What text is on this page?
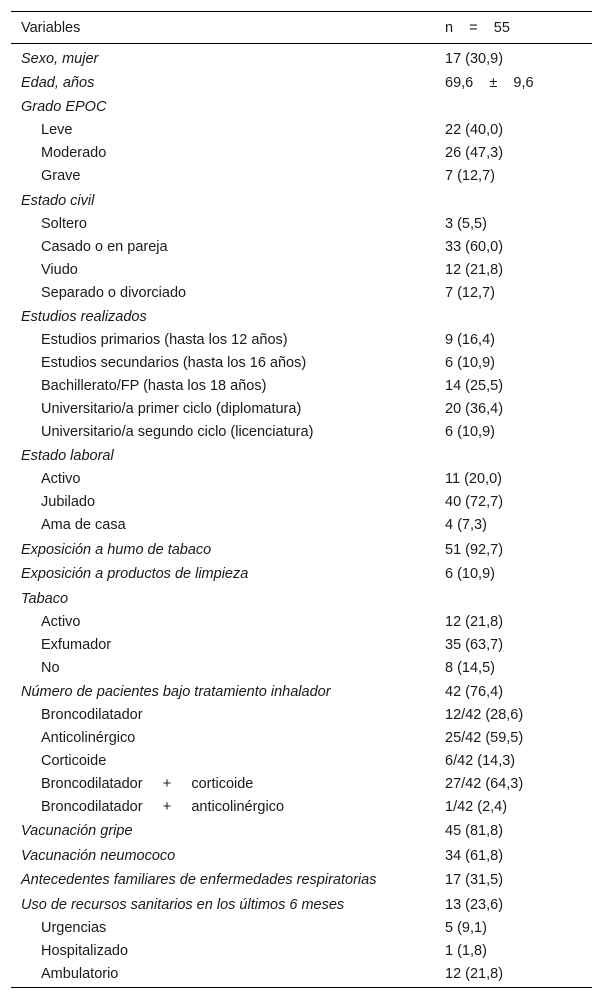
Variables	n    =    55
Sexo, mujer	17 (30,9)
Edad, años	69,6    ±    9,6
Grado EPOC
Leve	22 (40,0)
Moderado	26 (47,3)
Grave	7 (12,7)
Estado civil
Soltero	3 (5,5)
Casado o en pareja	33 (60,0)
Viudo	12 (21,8)
Separado o divorciado	7 (12,7)
Estudios realizados
Estudios primarios (hasta los 12 años)	9 (16,4)
Estudios secundarios (hasta los 16 años)	6 (10,9)
Bachillerato/FP (hasta los 18 años)	14 (25,5)
Universitario/a primer ciclo (diplomatura)	20 (36,4)
Universitario/a segundo ciclo (licenciatura)	6 (10,9)
Estado laboral
Activo	11 (20,0)
Jubilado	40 (72,7)
Ama de casa	4 (7,3)
Exposición a humo de tabaco	51 (92,7)
Exposición a productos de limpieza	6 (10,9)
Tabaco
Activo	12 (21,8)
Exfumador	35 (63,7)
No	8 (14,5)
Número de pacientes bajo tratamiento inhalador	42 (76,4)
Broncodilatador	12/42 (28,6)
Anticolinérgico	25/42 (59,5)
Corticoide	6/42 (14,3)
Broncodilatador     +     corticoide	27/42 (64,3)
Broncodilatador     +     anticolinérgico	1/42 (2,4)
Vacunación gripe	45 (81,8)
Vacunación neumococo	34 (61,8)
Antecedentes familiares de enfermedades respiratorias	17 (31,5)
Uso de recursos sanitarios en los últimos 6 meses	13 (23,6)
Urgencias	5 (9,1)
Hospitalizado	1 (1,8)
Ambulatorio	12 (21,8)
